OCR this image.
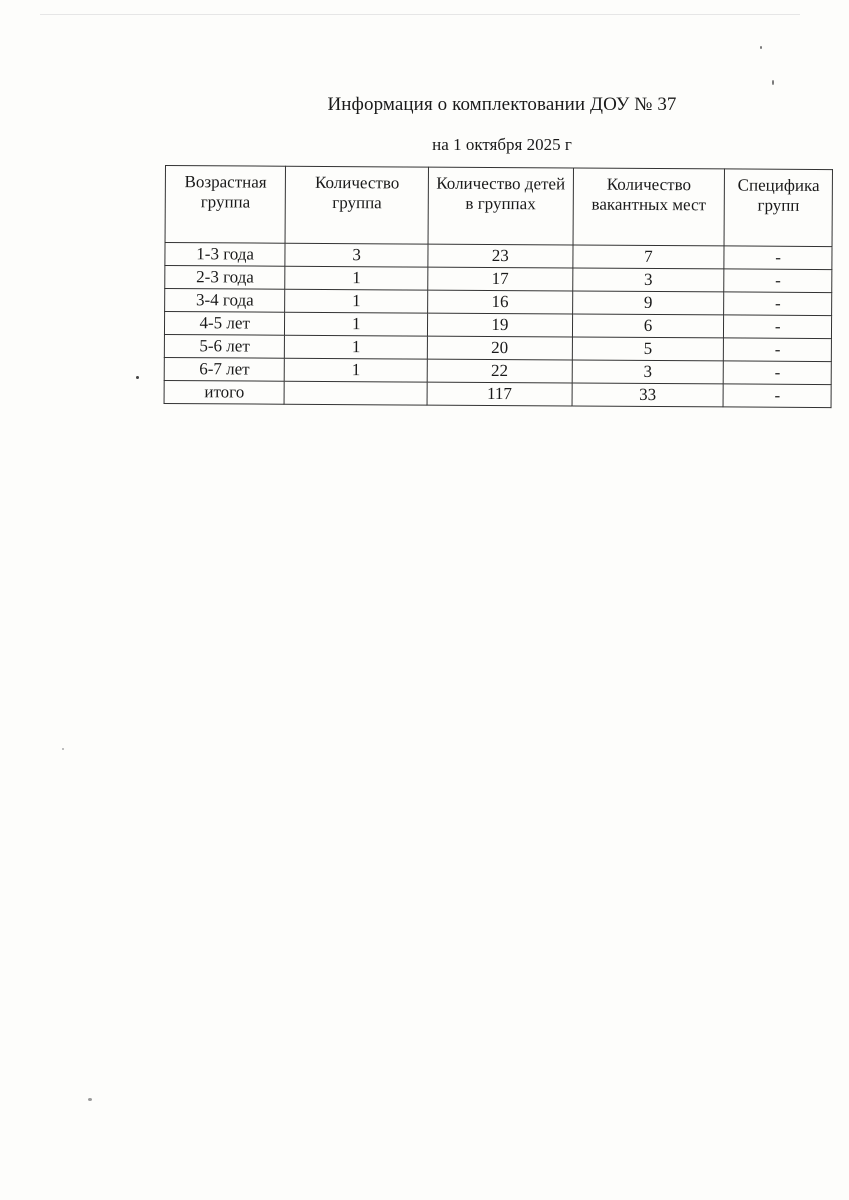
Информация о комплектовании ДОУ № 37
на 1 октября 2025 г
Возрастная группа	Количество группа	Количество детей в группах	Количество вакантных мест	Специфика групп
1-3 года	3	23	7	-
2-3 года	1	17	3	-
3-4 года	1	16	9	-
4-5 лет	1	19	6	-
5-6 лет	1	20	5	-
6-7 лет	1	22	3	-
итого		117	33	-
